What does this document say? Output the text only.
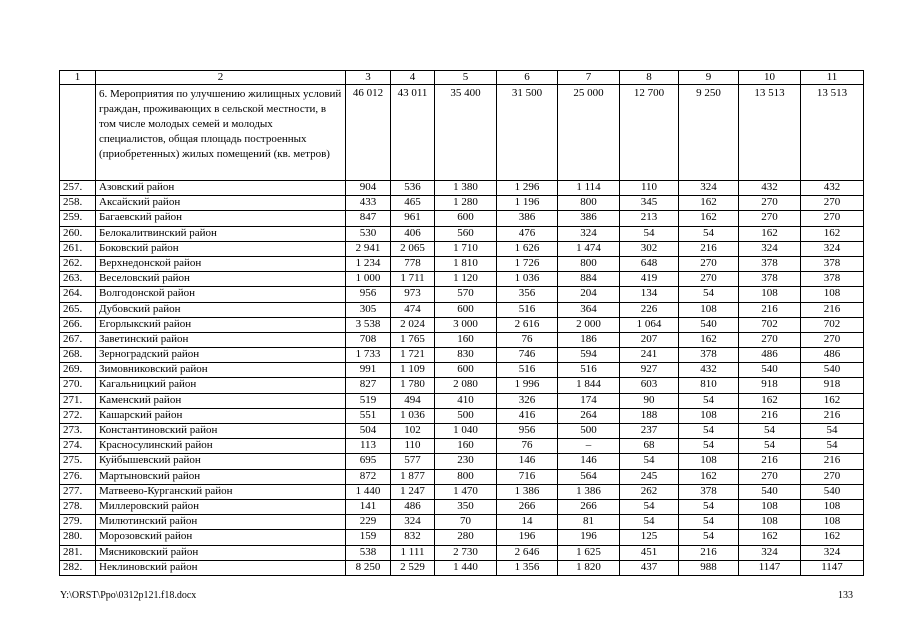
1	2	3	4	5	6	7	8	9	10	11
	6. Мероприятия по улучшению жилищных условий граждан, проживающих в сельской местности, в том числе молодых семей и молодых специалистов, общая площадь построенных (приобретенных) жилых помещений (кв. метров)	46 012	43 011	35 400	31 500	25 000	12 700	9 250	13 513	13 513
257.	Азовский район	904	536	1 380	1 296	1 114	110	324	432	432
258.	Аксайский район	433	465	1 280	1 196	800	345	162	270	270
259.	Багаевский район	847	961	600	386	386	213	162	270	270
260.	Белокалитвинский район	530	406	560	476	324	54	54	162	162
261.	Боковский район	2 941	2 065	1 710	1 626	1 474	302	216	324	324
262.	Верхнедонской район	1 234	778	1 810	1 726	800	648	270	378	378
263.	Веселовский район	1 000	1 711	1 120	1 036	884	419	270	378	378
264.	Волгодонской район	956	973	570	356	204	134	54	108	108
265.	Дубовский район	305	474	600	516	364	226	108	216	216
266.	Егорлыкский район	3 538	2 024	3 000	2 616	2 000	1 064	540	702	702
267.	Заветинский район	708	1 765	160	76	186	207	162	270	270
268.	Зерноградский район	1 733	1 721	830	746	594	241	378	486	486
269.	Зимовниковский район	991	1 109	600	516	516	927	432	540	540
270.	Кагальницкий район	827	1 780	2 080	1 996	1 844	603	810	918	918
271.	Каменский район	519	494	410	326	174	90	54	162	162
272.	Кашарский район	551	1 036	500	416	264	188	108	216	216
273.	Константиновский район	504	102	1 040	956	500	237	54	54	54
274.	Красносулинский район	113	110	160	76	–	68	54	54	54
275.	Куйбышевский район	695	577	230	146	146	54	108	216	216
276.	Мартыновский район	872	1 877	800	716	564	245	162	270	270
277.	Матвеево-Курганский район	1 440	1 247	1 470	1 386	1 386	262	378	540	540
278.	Миллеровский район	141	486	350	266	266	54	54	108	108
279.	Милютинский район	229	324	70	14	81	54	54	108	108
280.	Морозовский район	159	832	280	196	196	125	54	162	162
281.	Мясниковский район	538	1 111	2 730	2 646	1 625	451	216	324	324
282.	Неклиновский район	8 250	2 529	1 440	1 356	1 820	437	988	1147	1147
Y:\ORST\Ppo\0312p121.f18.docx	133
